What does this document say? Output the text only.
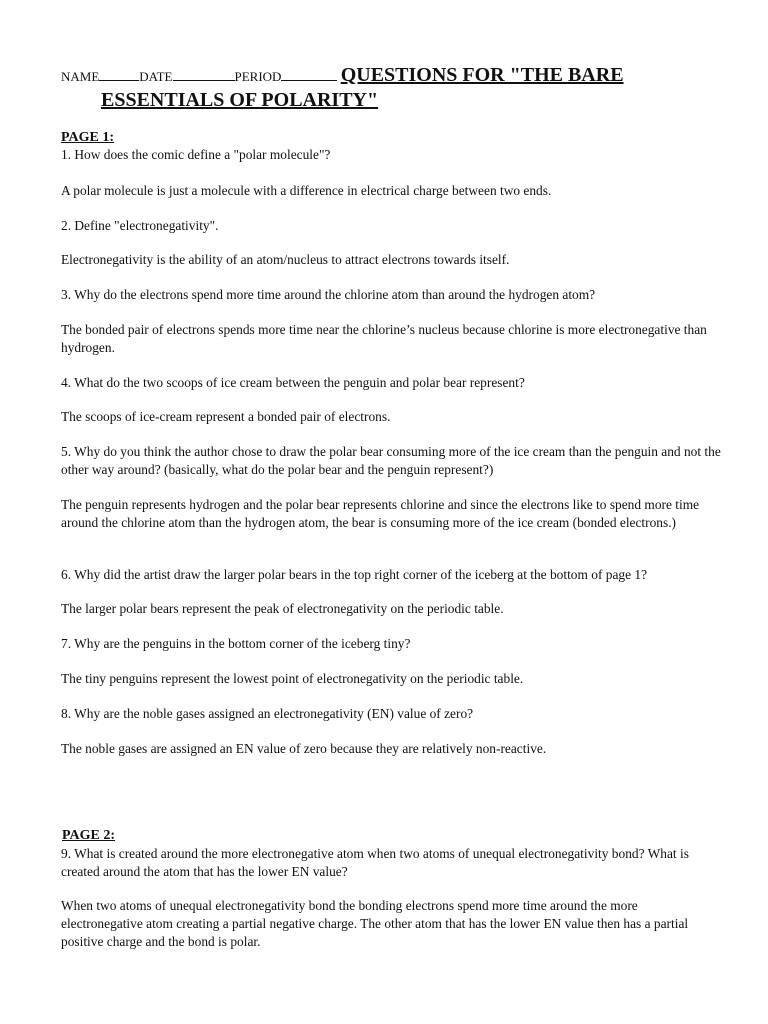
NAME	DATE	PERIOD	QUESTIONS FOR "THE BARE
ESSENTIALS OF POLARITY"
PAGE 1:
1. How does the comic define a "polar molecule"?
A polar molecule is just a molecule with a difference in electrical charge between two ends.
2. Define "electronegativity".
Electronegativity is the ability of an atom/nucleus to attract electrons towards itself.
3. Why do the electrons spend more time around the chlorine atom than around the hydrogen atom?
The bonded pair of electrons spends more time near the chlorine’s nucleus because chlorine is more electronegative than hydrogen.
4. What do the two scoops of ice cream between the penguin and polar bear represent?
The scoops of ice-cream represent a bonded pair of electrons.
5. Why do you think the author chose to draw the polar bear consuming more of the ice cream than the penguin and not the other way around? (basically, what do the polar bear and the penguin represent?)
The penguin represents hydrogen and the polar bear represents chlorine and since the electrons like to spend more time around the chlorine atom than the hydrogen atom, the bear is consuming more of the ice cream (bonded electrons.)
6. Why did the artist draw the larger polar bears in the top right corner of the iceberg at the bottom of page 1?
The larger polar bears represent the peak of electronegativity on the periodic table.
7. Why are the penguins in the bottom corner of the iceberg tiny?
The tiny penguins represent the lowest point of electronegativity on the periodic table.
8. Why are the noble gases assigned an electronegativity (EN) value of zero?
The noble gases are assigned an EN value of zero because they are relatively non-reactive.
PAGE 2:
9. What is created around the more electronegative atom when two atoms of unequal electronegativity bond? What is created around the atom that has the lower EN value?
When two atoms of unequal electronegativity bond the bonding electrons spend more time around the more electronegative atom creating a partial negative charge. The other atom that has the lower EN value then has a partial positive charge and the bond is polar.
